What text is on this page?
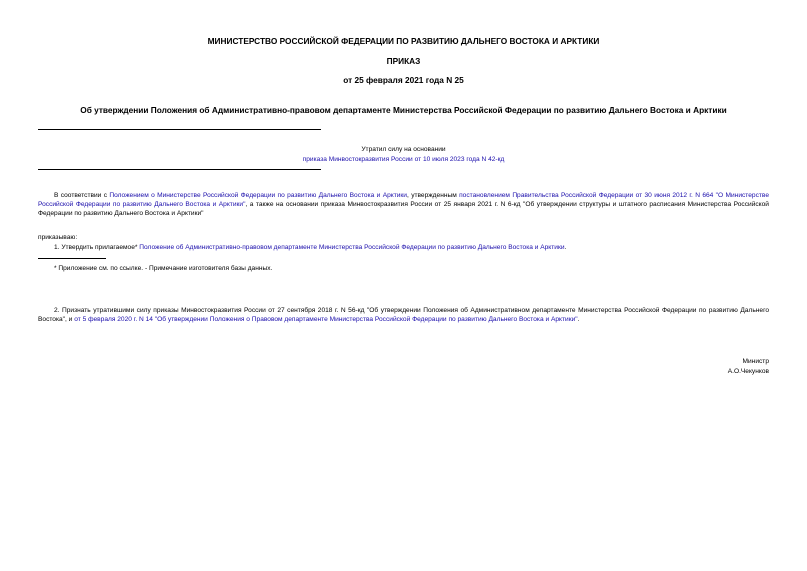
МИНИСТЕРСТВО РОССИЙСКОЙ ФЕДЕРАЦИИ ПО РАЗВИТИЮ ДАЛЬНЕГО ВОСТОКА И АРКТИКИ
ПРИКАЗ
от 25 февраля 2021 года N 25
Об утверждении Положения об Административно-правовом департаменте Министерства Российской Федерации по развитию Дальнего Востока и Арктики
Утратил силу на основании
приказа Минвостокразвития России от 10 июля 2023 года N 42-кд
В соответствии с Положением о Министерстве Российской Федерации по развитию Дальнего Востока и Арктики, утвержденным постановлением Правительства Российской Федерации от 30 июня 2012 г. N 664 "О Министерстве Российской Федерации по развитию Дальнего Востока и Арктики", а также на основании приказа Минвостокразвития России от 25 января 2021 г. N 6-кд "Об утверждении структуры и штатного расписания Министерства Российской Федерации по развитию Дальнего Востока и Арктики"
приказываю:
1. Утвердить прилагаемое* Положение об Административно-правовом департаменте Министерства Российской Федерации по развитию Дальнего Востока и Арктики.
* Приложение см. по ссылке. - Примечание изготовителя базы данных.
2. Признать утратившими силу приказы Минвостокразвития России от 27 сентября 2018 г. N 56-кд "Об утверждении Положения об Административном департаменте Министерства Российской Федерации по развитию Дальнего Востока", и от 5 февраля 2020 г. N 14 "Об утверждении Положения о Правовом департаменте Министерства Российской Федерации по развитию Дальнего Востока и Арктики".
Министр
А.О.Чекунков
